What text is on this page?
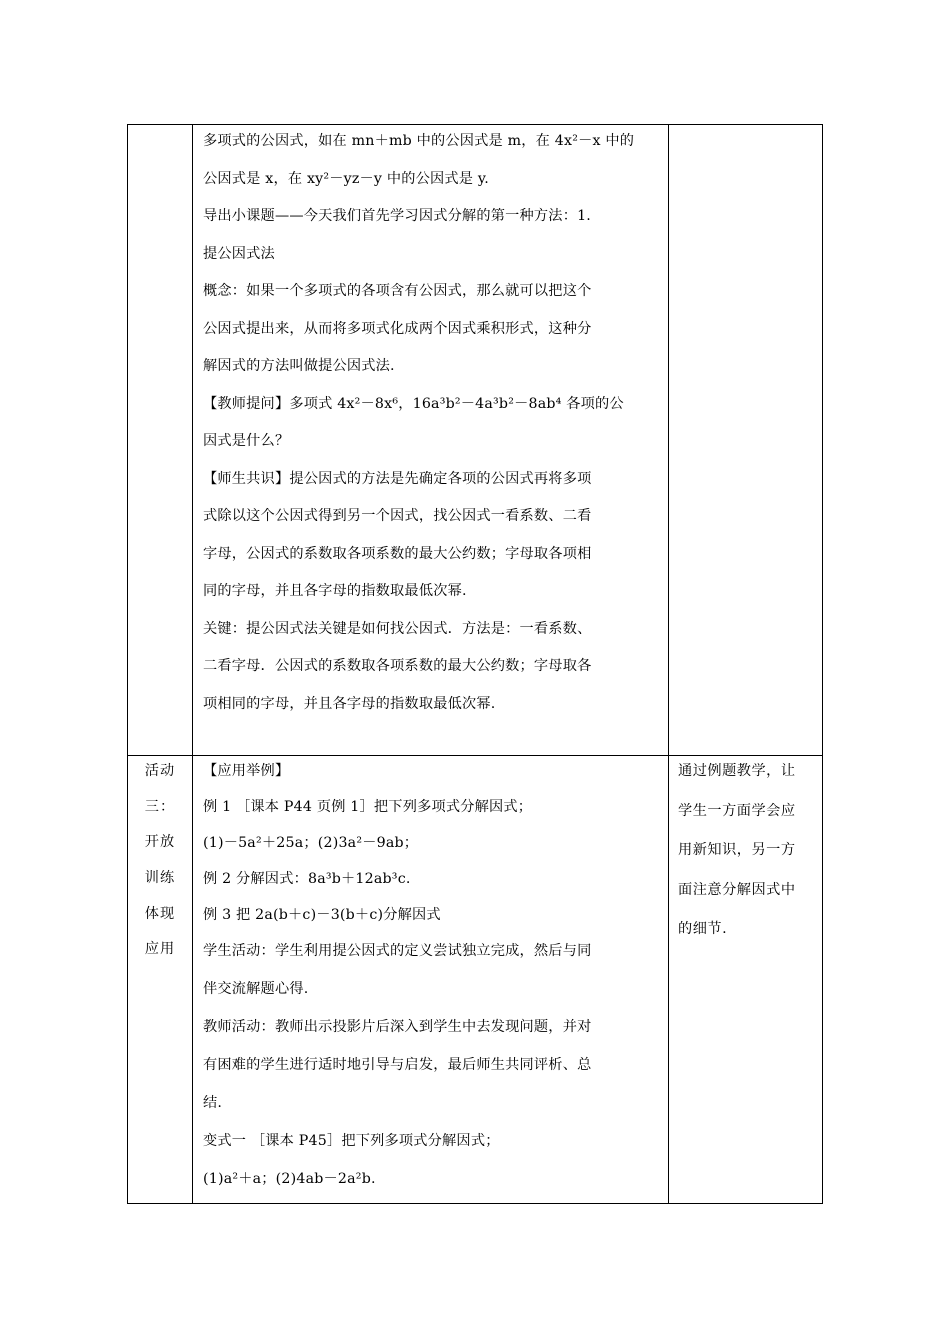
多项式的公因式，如在 mn＋mb 中的公因式是 m，在 4x²－x 中的
公因式是 x，在 xy²－yz－y 中的公因式是 y.
导出小课题——今天我们首先学习因式分解的第一种方法：1.
提公因式法
概念：如果一个多项式的各项含有公因式，那么就可以把这个
公因式提出来，从而将多项式化成两个因式乘积形式，这种分
解因式的方法叫做提公因式法.
【教师提问】多项式 4x²－8x⁶，16a³b²－4a³b²－8ab⁴ 各项的公
因式是什么？
【师生共识】提公因式的方法是先确定各项的公因式再将多项
式除以这个公因式得到另一个因式，找公因式一看系数、二看
字母，公因式的系数取各项系数的最大公约数；字母取各项相
同的字母，并且各字母的指数取最低次幂.
关键：提公因式法关键是如何找公因式．方法是：一看系数、
二看字母．公因式的系数取各项系数的最大公约数；字母取各
项相同的字母，并且各字母的指数取最低次幂.
活动
三：
开放
训练
体现
应用
【应用举例】
例 1 ［课本 P44 页例 1］把下列多项式分解因式；
(1)－5a²＋25a；(2)3a²－9ab；
例 2 分解因式：8a³b＋12ab³c.
例 3 把 2a(b＋c)－3(b＋c)分解因式
学生活动：学生利用提公因式的定义尝试独立完成，然后与同
伴交流解题心得.
教师活动：教师出示投影片后深入到学生中去发现问题，并对
有困难的学生进行适时地引导与启发，最后师生共同评析、总
结.
变式一 ［课本 P45］把下列多项式分解因式；
(1)a²＋a；(2)4ab－2a²b.
通过例题教学，让
学生一方面学会应
用新知识，另一方
面注意分解因式中
的细节.
